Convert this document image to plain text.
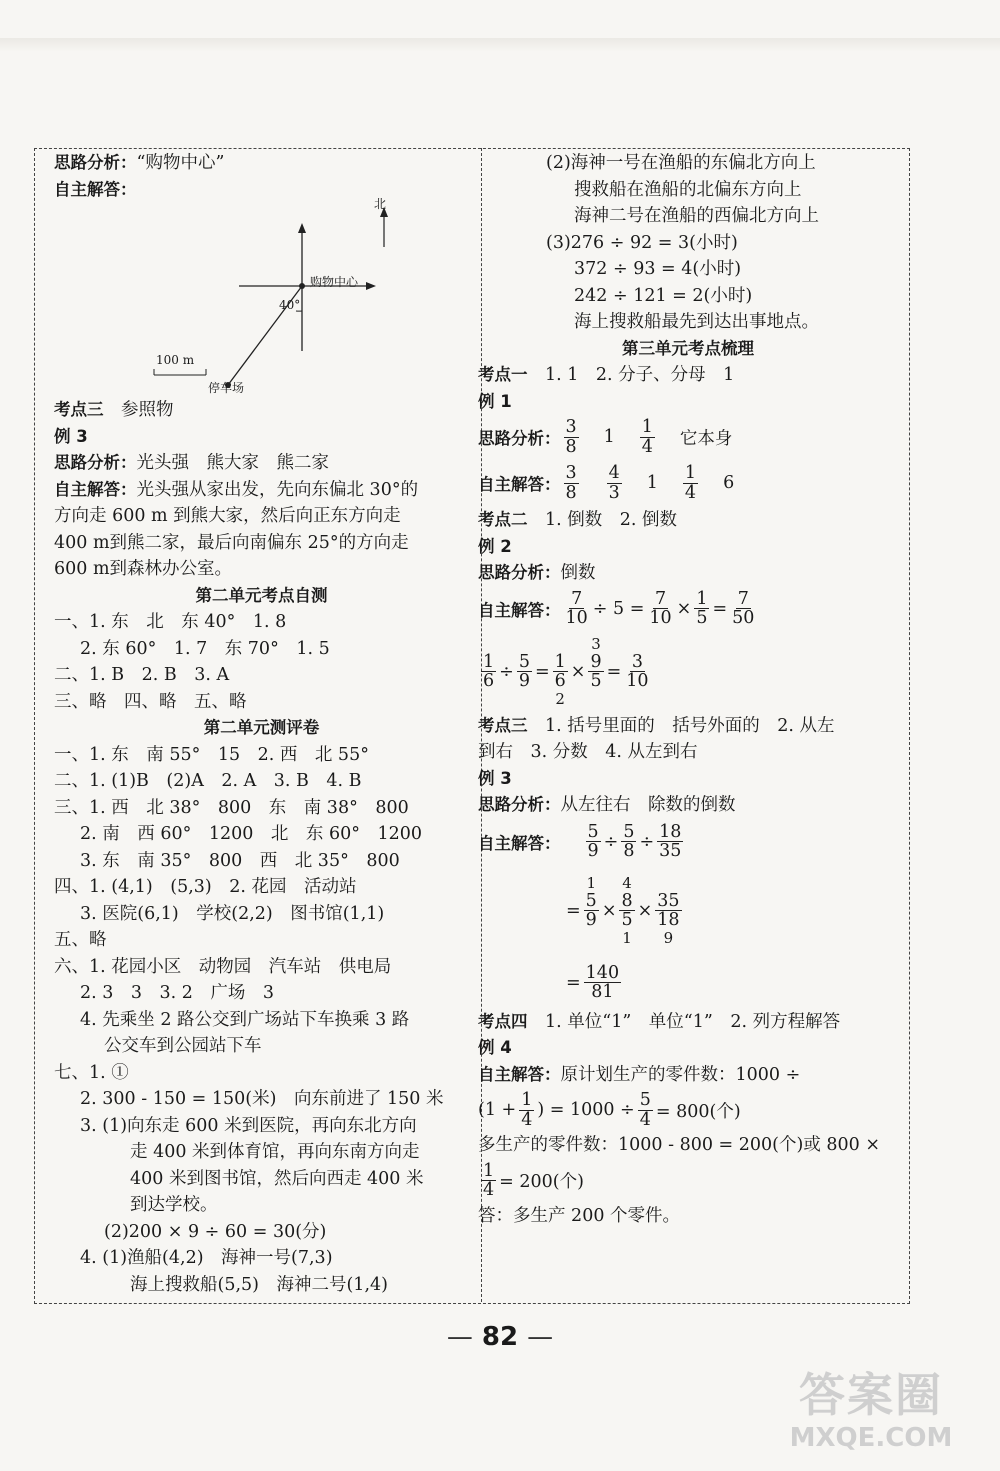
思路分析：“购物中心”
自主解答：
北
购物中心
40°
100 m
停车场
考点三　 参照物
例 3
思路分析：光头强　熊大家　熊二家
自主解答：光头强从家出发，先向东偏北 30°的
方向走 600 m 到熊大家，然后向正东方向走
400 m到熊二家，最后向南偏东 25°的方向走
600 m到森林办公室。
第二单元考点自测
一、1. 东　北　东 40°　1. 8
2. 东 60°　1. 7　东 70°　1. 5
二、1. B　2. B　3. A
三、略　四、略　五、略
第二单元测评卷
一、1. 东　南 55°　15　2. 西　北 55°
二、1. (1)B　(2)A　2. A　3. B　4. B
三、1. 西　北 38°　800　东　南 38°　800
2. 南　西 60°　1200　北　东 60°　1200
3. 东　南 35°　800　西　北 35°　800
四、1. (4,1)　(5,3)　2. 花园　活动站
3. 医院(6,1)　学校(2,2)　图书馆(1,1)
五、略
六、1. 花园小区　动物园　汽车站　供电局
2. 3　3　3. 2　广场　3
4. 先乘坐 2 路公交到广场站下车换乘 3 路
公交车到公园站下车
七、1. ①
2. 300 - 150 = 150(米)　向东前进了 150 米
3. (1)向东走 600 米到医院，再向东北方向
走 400 米到体育馆，再向东南方向走
400 米到图书馆，然后向西走 400 米
到达学校。
(2)200 × 9 ÷ 60 = 30(分)
4. (1)渔船(4,2)　海神一号(7,3)
海上搜救船(5,5)　海神二号(1,4)
(2)海神一号在渔船的东偏北方向上
搜救船在渔船的北偏东方向上
海神二号在渔船的西偏北方向上
(3)276 ÷ 92 = 3(小时)
372 ÷ 93 = 4(小时)
242 ÷ 121 = 2(小时)
海上搜救船最先到达出事地点。
第三单元考点梳理
考点一　 1. 1　2. 分子、分母　1
例 1
思路分析： $\frac{3}{8} 1 \frac{1}{4}$ 它本身
自主解答： $\frac{3}{8} \frac{4}{3} 1 \frac{1}{4} 6$
考点二　 1. 倒数　2. 倒数
例 2
思路分析：倒数
自主解答： $\frac{7}{10} \div 5 = \frac{7}{10} \times \frac{1}{5} = \frac{7}{50}$
$\frac{1}{6} \div \frac{5}{9} = \frac{1}{6}$
2
×
3
$\frac{9}{5} = \frac{3}{10}$
考点三　 1. 括号里面的　括号外面的　2. 从左
到右　3. 分数　4. 从左到右
例 3
思路分析：从左往右　除数的倒数
自主解答： $\frac{5}{9} \div \frac{5}{8} \div \frac{18}{35}$
=
1
$\frac{5}{9}$ ×
4
$\frac{8}{5}$
1
× $\frac{35}{18}$
9
= $\frac{140}{81}$
考点四　 1. 单位“1”　单位“1”　2. 列方程解答
例 4
自主解答：原计划生产的零件数：1000 ÷
($1 + \frac{1}{4}$ )
= $1000 \div \frac{5}{4} = 800$(个)
多生产的零件数：1000 - 800 = 200(个)或 800 ×
$\frac{1}{4} = 200$(个)
答：多生产 200 个零件。
— 82 —
答案圈
MXQE.COM
